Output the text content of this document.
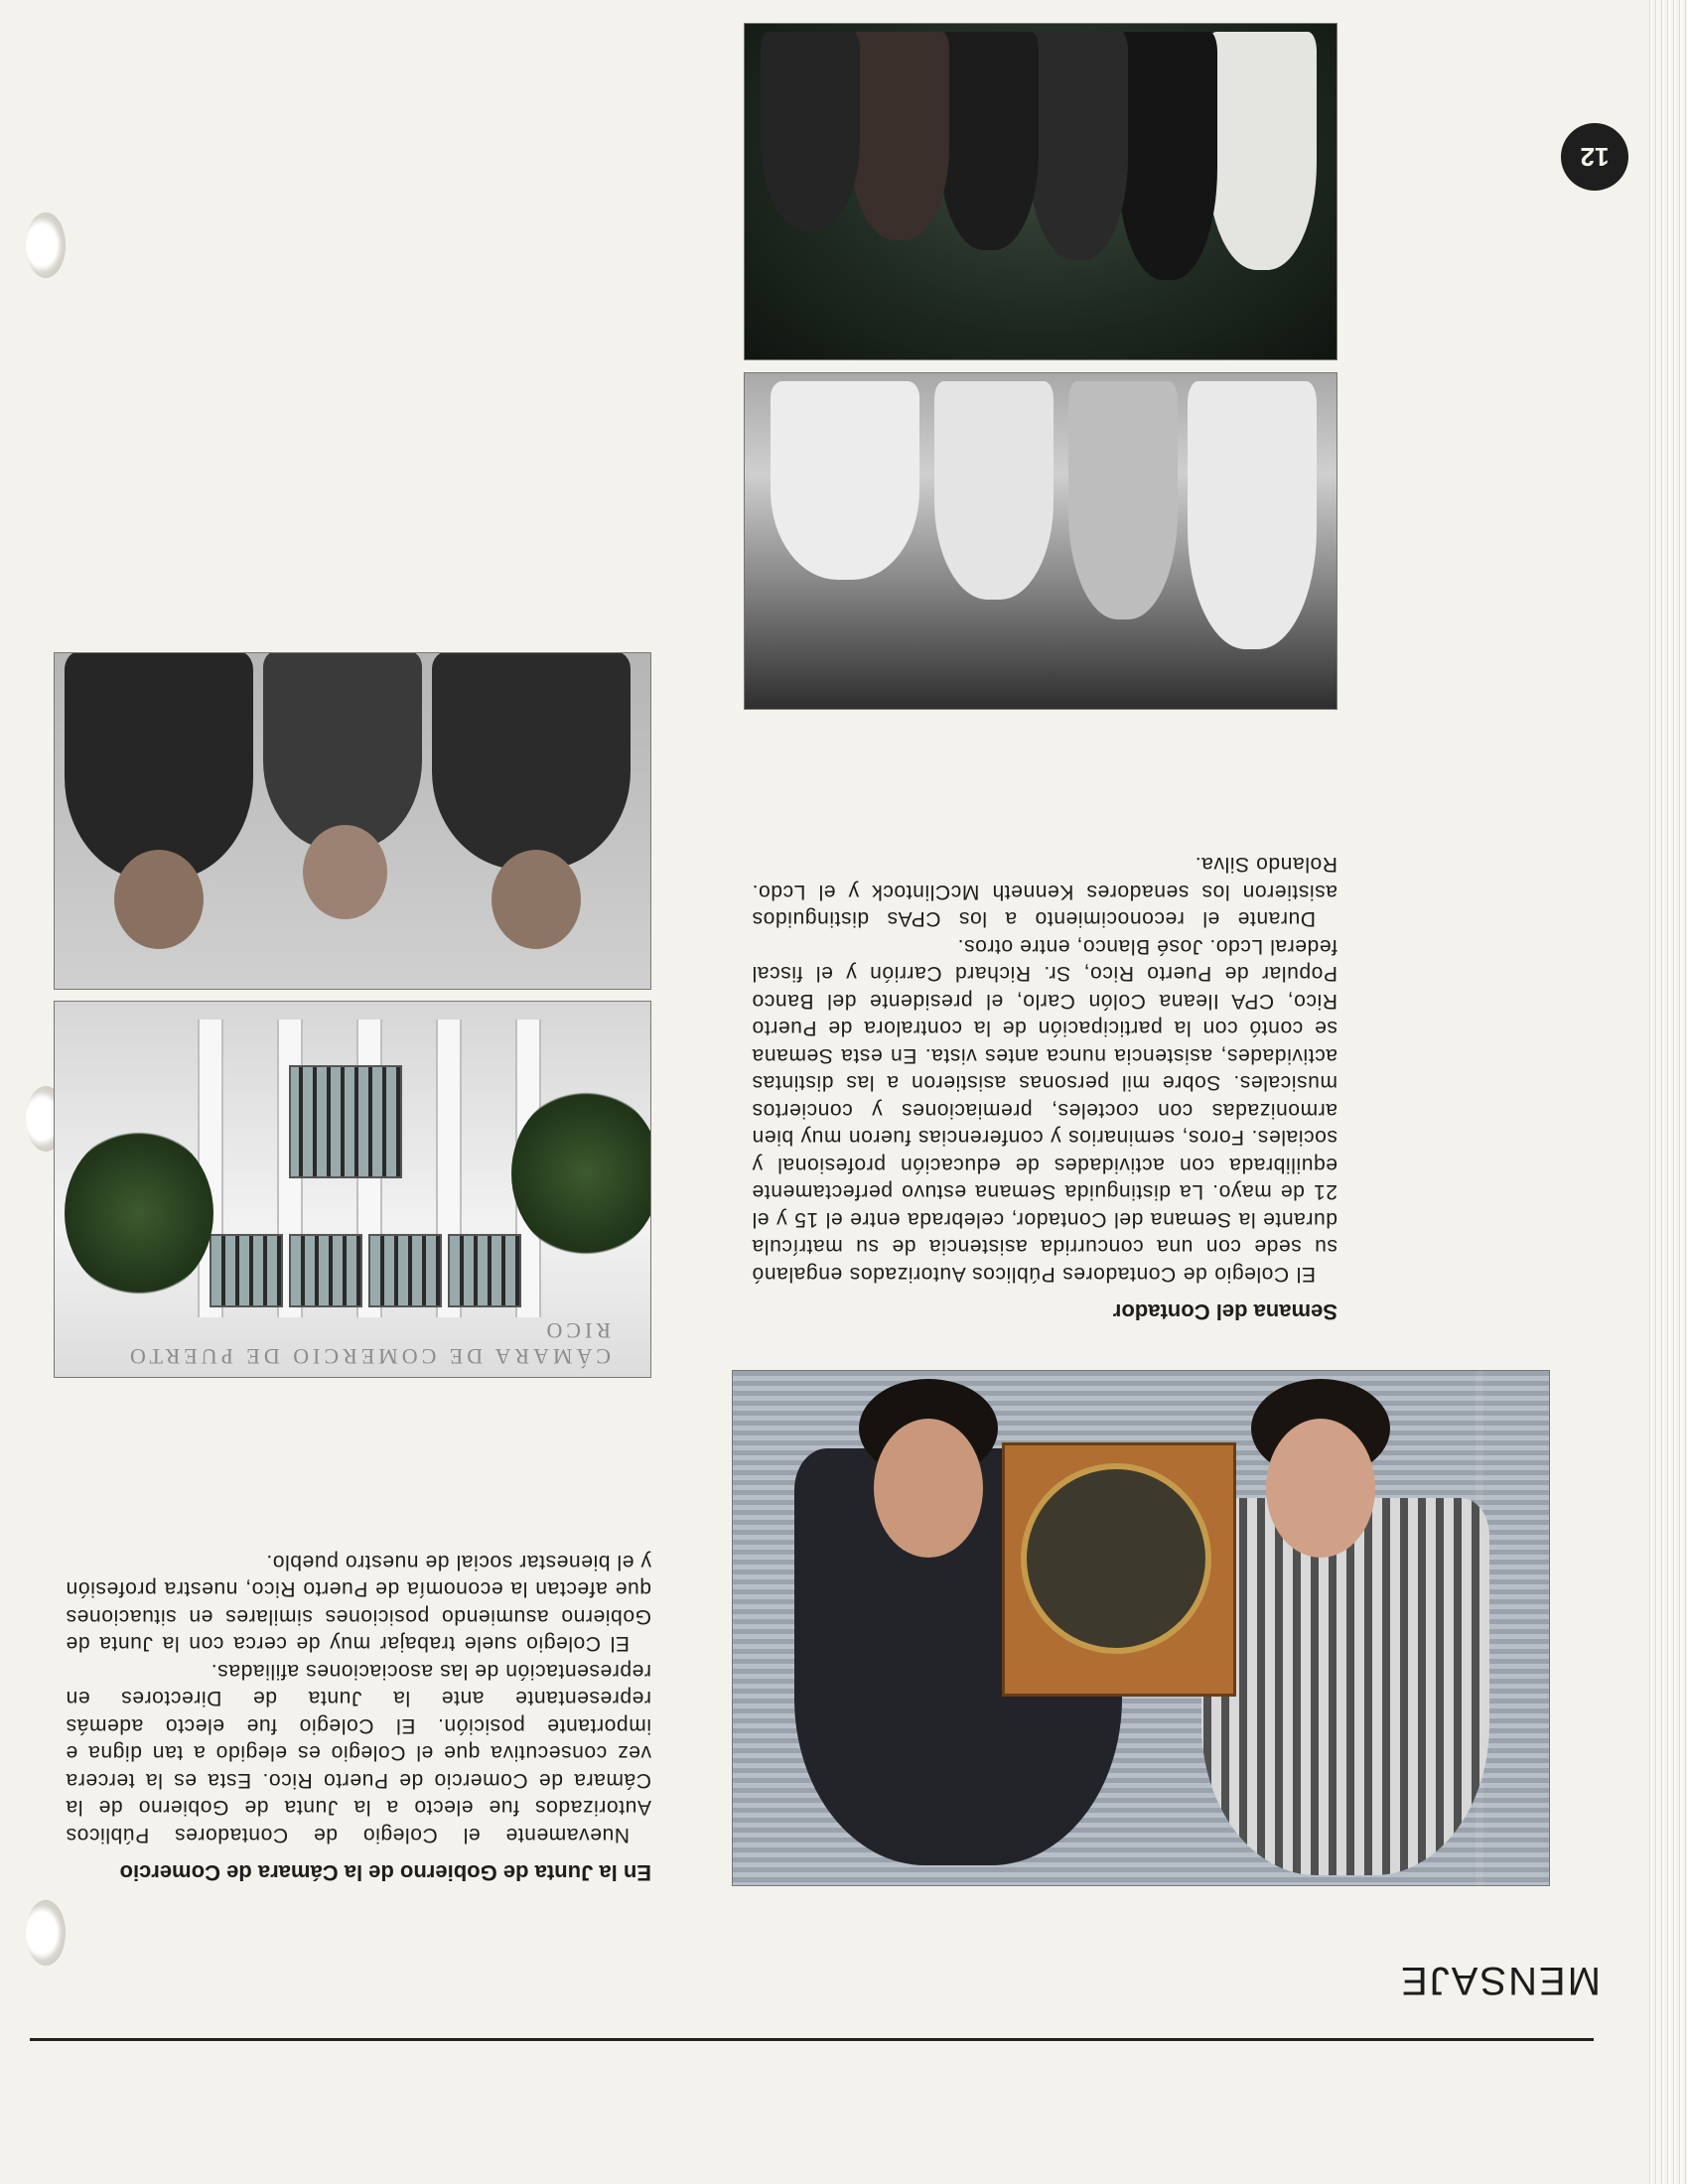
MENSAJE
En la Junta de Gobierno de la Cámara de Comercio

Nuevamente el Colegio de Contadores Públicos Autorizados fue electo a la Junta de Gobierno de la Cámara de Comercio de Puerto Rico. Esta es la tercera vez consecutiva que el Colegio es elegido a tan digna e importante posición. El Colegio fue electo además representante ante la Junta de Directores en representación de las asociaciones afiliadas.

El Colegio suele trabajar muy de cerca con la Junta de Gobierno asumiendo posiciones similares en situaciones que afectan la economía de Puerto Rico, nuestra profesión y el bienestar social de nuestro pueblo.

CÁMARA DE COMERCIO DE PUERTO RICO
Semana del Contador

El Colegio de Contadores Públicos Autorizados engalanó su sede con una concurrida asistencia de su matrícula durante la Semana del Contador, celebrada entre el 15 y el 21 de mayo. La distinguida Semana estuvo perfectamente equilibrada con actividades de educación profesional y sociales. Foros, seminarios y conferencias fueron muy bien armonizadas con cocteles, premiaciones y conciertos musicales. Sobre mil personas asistieron a las distintas actividades, asistencia nunca antes vista. En esta Semana se contó con la participación de la contralora de Puerto Rico, CPA Ileana Colón Carlo, el presidente del Banco Popular de Puerto Rico, Sr. Richard Carrión y el fiscal federal Lcdo. José Blanco, entre otros.

Durante el reconocimiento a los CPAs distinguidos asistieron los senadores Kenneth McClintock y el Lcdo. Rolando Silva.

12
